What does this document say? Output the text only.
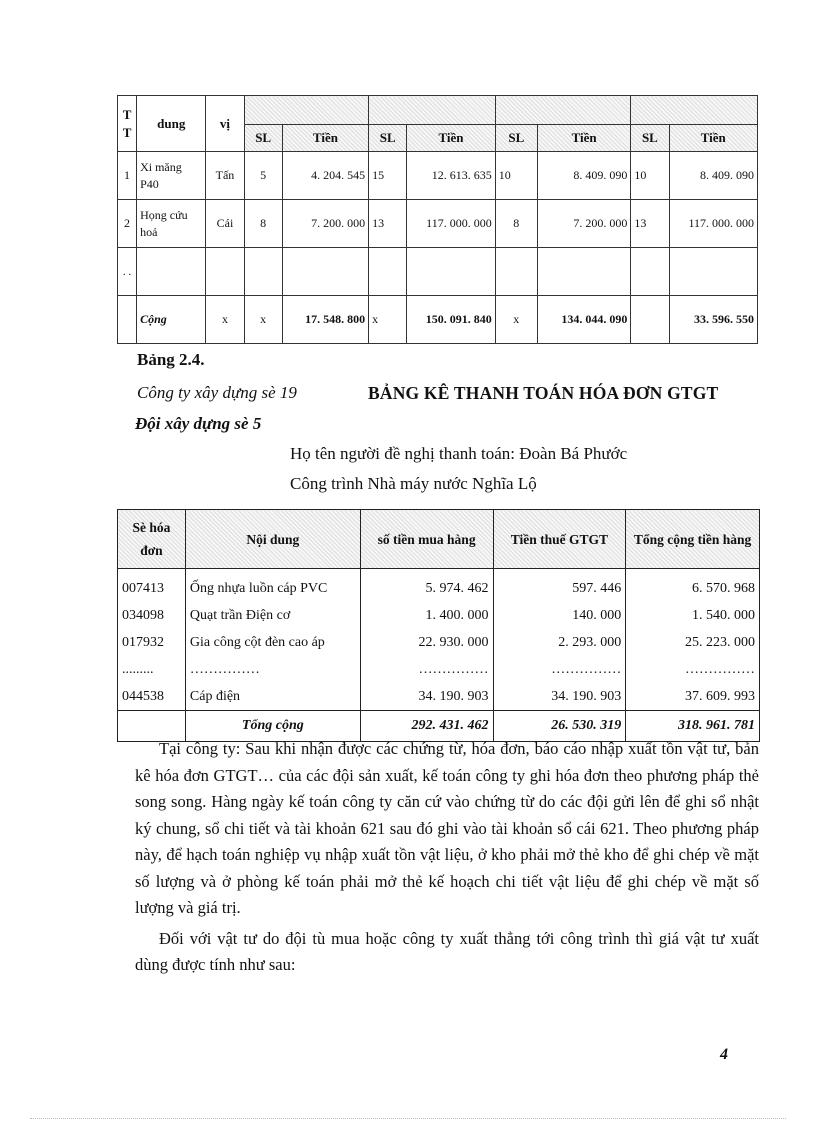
T
T	dung	vị								
			SL	Tiền	SL	Tiền	SL	Tiền	SL	Tiền
1	Xi măng P40	Tấn	5	4. 204. 545	15	12. 613. 635	10	8. 409. 090	10	8. 409. 090
2	Họng cứu hoả	Cái	8	7. 200. 000	13	117. 000. 000	8	7. 200. 000	13	117. 000. 000
. .										
	Cộng	x	x	17. 548. 800	x	150. 091. 840	x	134. 044. 090		33. 596. 550
Bảng 2.4.
Công ty xây dựng sè 19	BẢNG KÊ THANH TOÁN HÓA ĐƠN GTGT
Đội xây dựng sè 5
Họ tên người đề nghị thanh toán: Đoàn Bá Phước
Công trình Nhà máy nước Nghĩa Lộ
Sè hóa đơn	Nội dung	số tiền mua hàng	Tiền thuế GTGT	Tổng cộng tiền hàng
007413	Ống nhựa luồn cáp PVC	5. 974. 462	597. 446	6. 570. 968
034098	Quạt trần Điện cơ	1. 400. 000	140. 000	1. 540. 000
017932	Gia công cột đèn cao áp	22. 930. 000	2. 293. 000	25. 223. 000
.........	……………	……………	……………	……………
044538	Cáp điện	34. 190. 903	34. 190. 903	37. 609. 993
	Tổng cộng	292. 431. 462	26. 530. 319	318. 961. 781

Tại công ty: Sau khi nhận được các chứng từ, hóa đơn, báo cáo nhập xuất tồn vật tư, bản kê hóa đơn GTGT… của các đội sản xuất, kế toán công ty ghi hóa đơn theo phương pháp thẻ song song. Hàng ngày kế toán công ty căn cứ vào chứng từ do các đội gửi lên để ghi sổ nhật ký chung, sổ chi tiết và tài khoản 621 sau đó ghi vào tài khoản sổ cái 621. Theo phương pháp này, để hạch toán nghiệp vụ nhập xuất tồn vật liệu, ở kho phải mở thẻ kho để ghi chép về mặt số lượng và ở phòng kế toán phải mở thẻ kế hoạch chi tiết vật liệu để ghi chép về mặt số lượng và giá trị.

Đối với vật tư do đội tù mua hoặc công ty xuất thẳng tới công trình thì giá vật tư xuất dùng được tính như sau:

4
